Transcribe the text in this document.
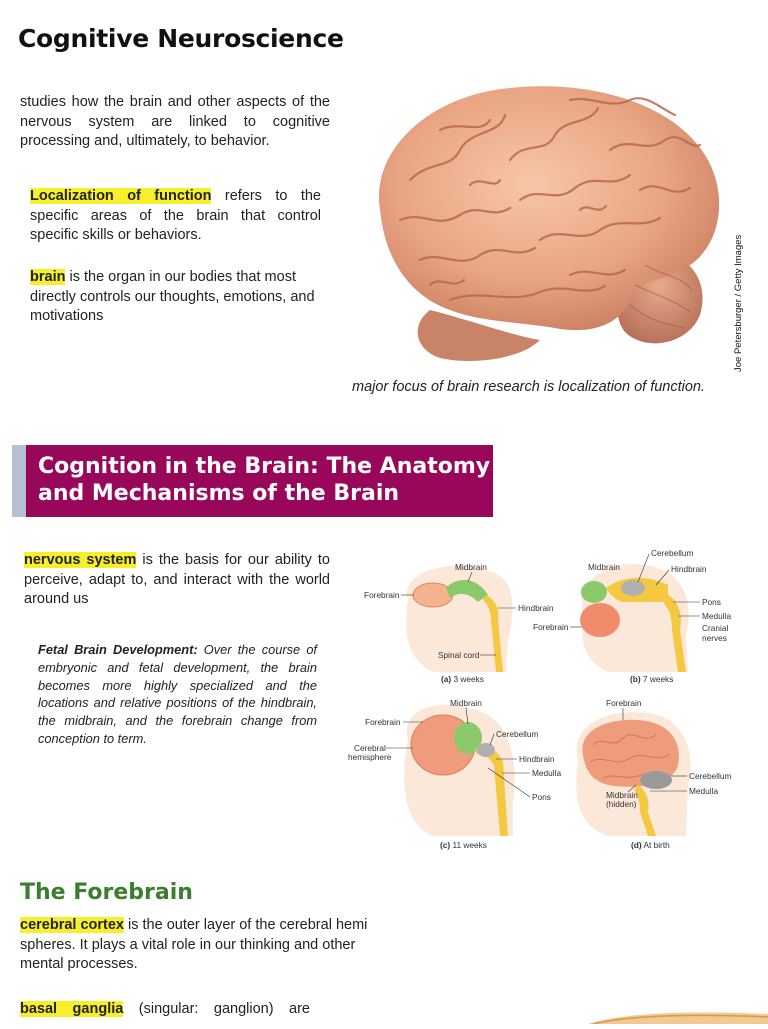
Cognitive Neuroscience
studies how the brain and other aspects of the nervous system are linked to cognitive processing and, ultimately, to behavior.
Localization of function refers to the specific areas of the brain that control specific skills or behaviors.
brain is the organ in our bodies that most directly controls our thoughts, emotions, and motivations	Joe Petersburger / Getty Images
major focus of brain research is localization of function.
Cognition in the Brain: The Anatomy
and Mechanisms of the Brain
nervous system is the basis for our ability to perceive, adapt to, and interact with the world around us
Fetal Brain Development: Over the course of embryonic and fetal development, the brain becomes more highly specialized and the locations and relative positions of the hindbrain, the midbrain, and the forebrain change from conception to term.
Midbrain
Forebrain
Hindbrain
Spinal cord
(a) 3 weeks
Cerebellum
Midbrain	Hindbrain
Pons
Medulla
Cranial
nerves
Forebrain
(b) 7 weeks
Midbrain
Forebrain
Cerebellum
Cerebral
hemisphere	Hindbrain
Medulla
Pons
(c) 11 weeks
Forebrain
Cerebellum
Medulla
Midbrain
(hidden)
(d) At birth
The Forebrain
cerebral cortex is the outer layer of the cerebral hemi spheres. It plays a vital role in our thinking and other mental processes.
basal ganglia (singular: ganglion) are
